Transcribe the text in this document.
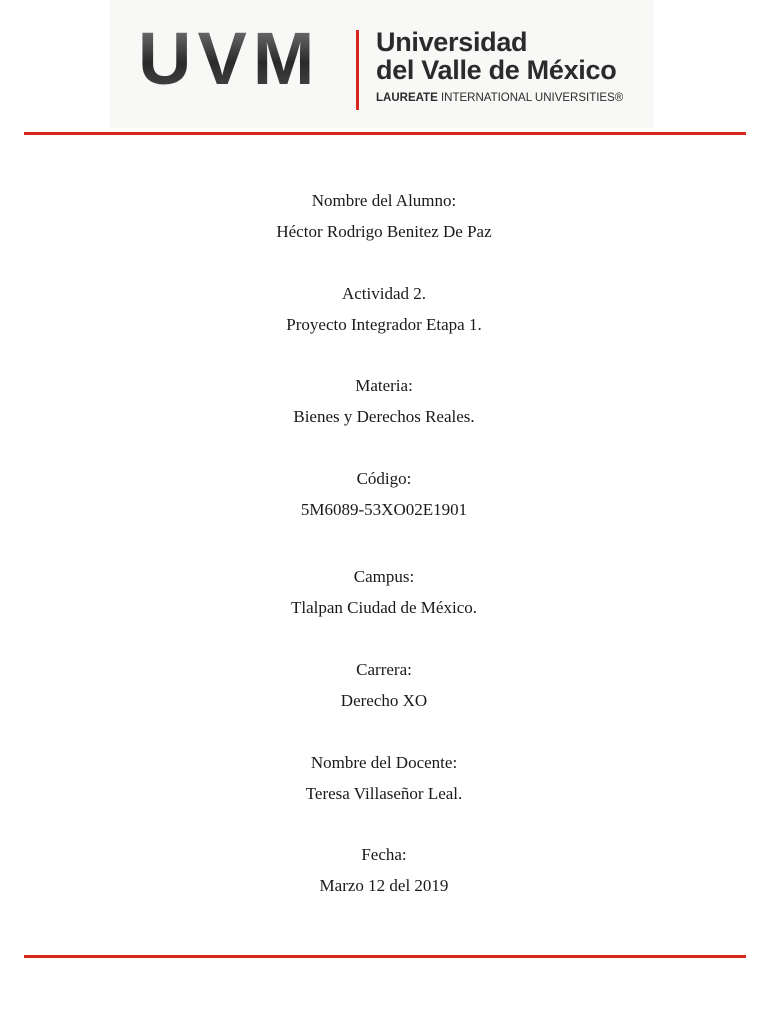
UVM Universidad
del Valle de México
LAUREATE INTERNATIONAL UNIVERSITIES®
Nombre del Alumno:
Héctor Rodrigo Benitez De Paz
Actividad 2.
Proyecto Integrador Etapa 1.
Materia:
Bienes y Derechos Reales.
Código:
5M6089-53XO02E1901
Campus:
Tlalpan Ciudad de México.
Carrera:
Derecho XO
Nombre del Docente:
Teresa Villaseñor Leal.
Fecha:
Marzo 12 del 2019
